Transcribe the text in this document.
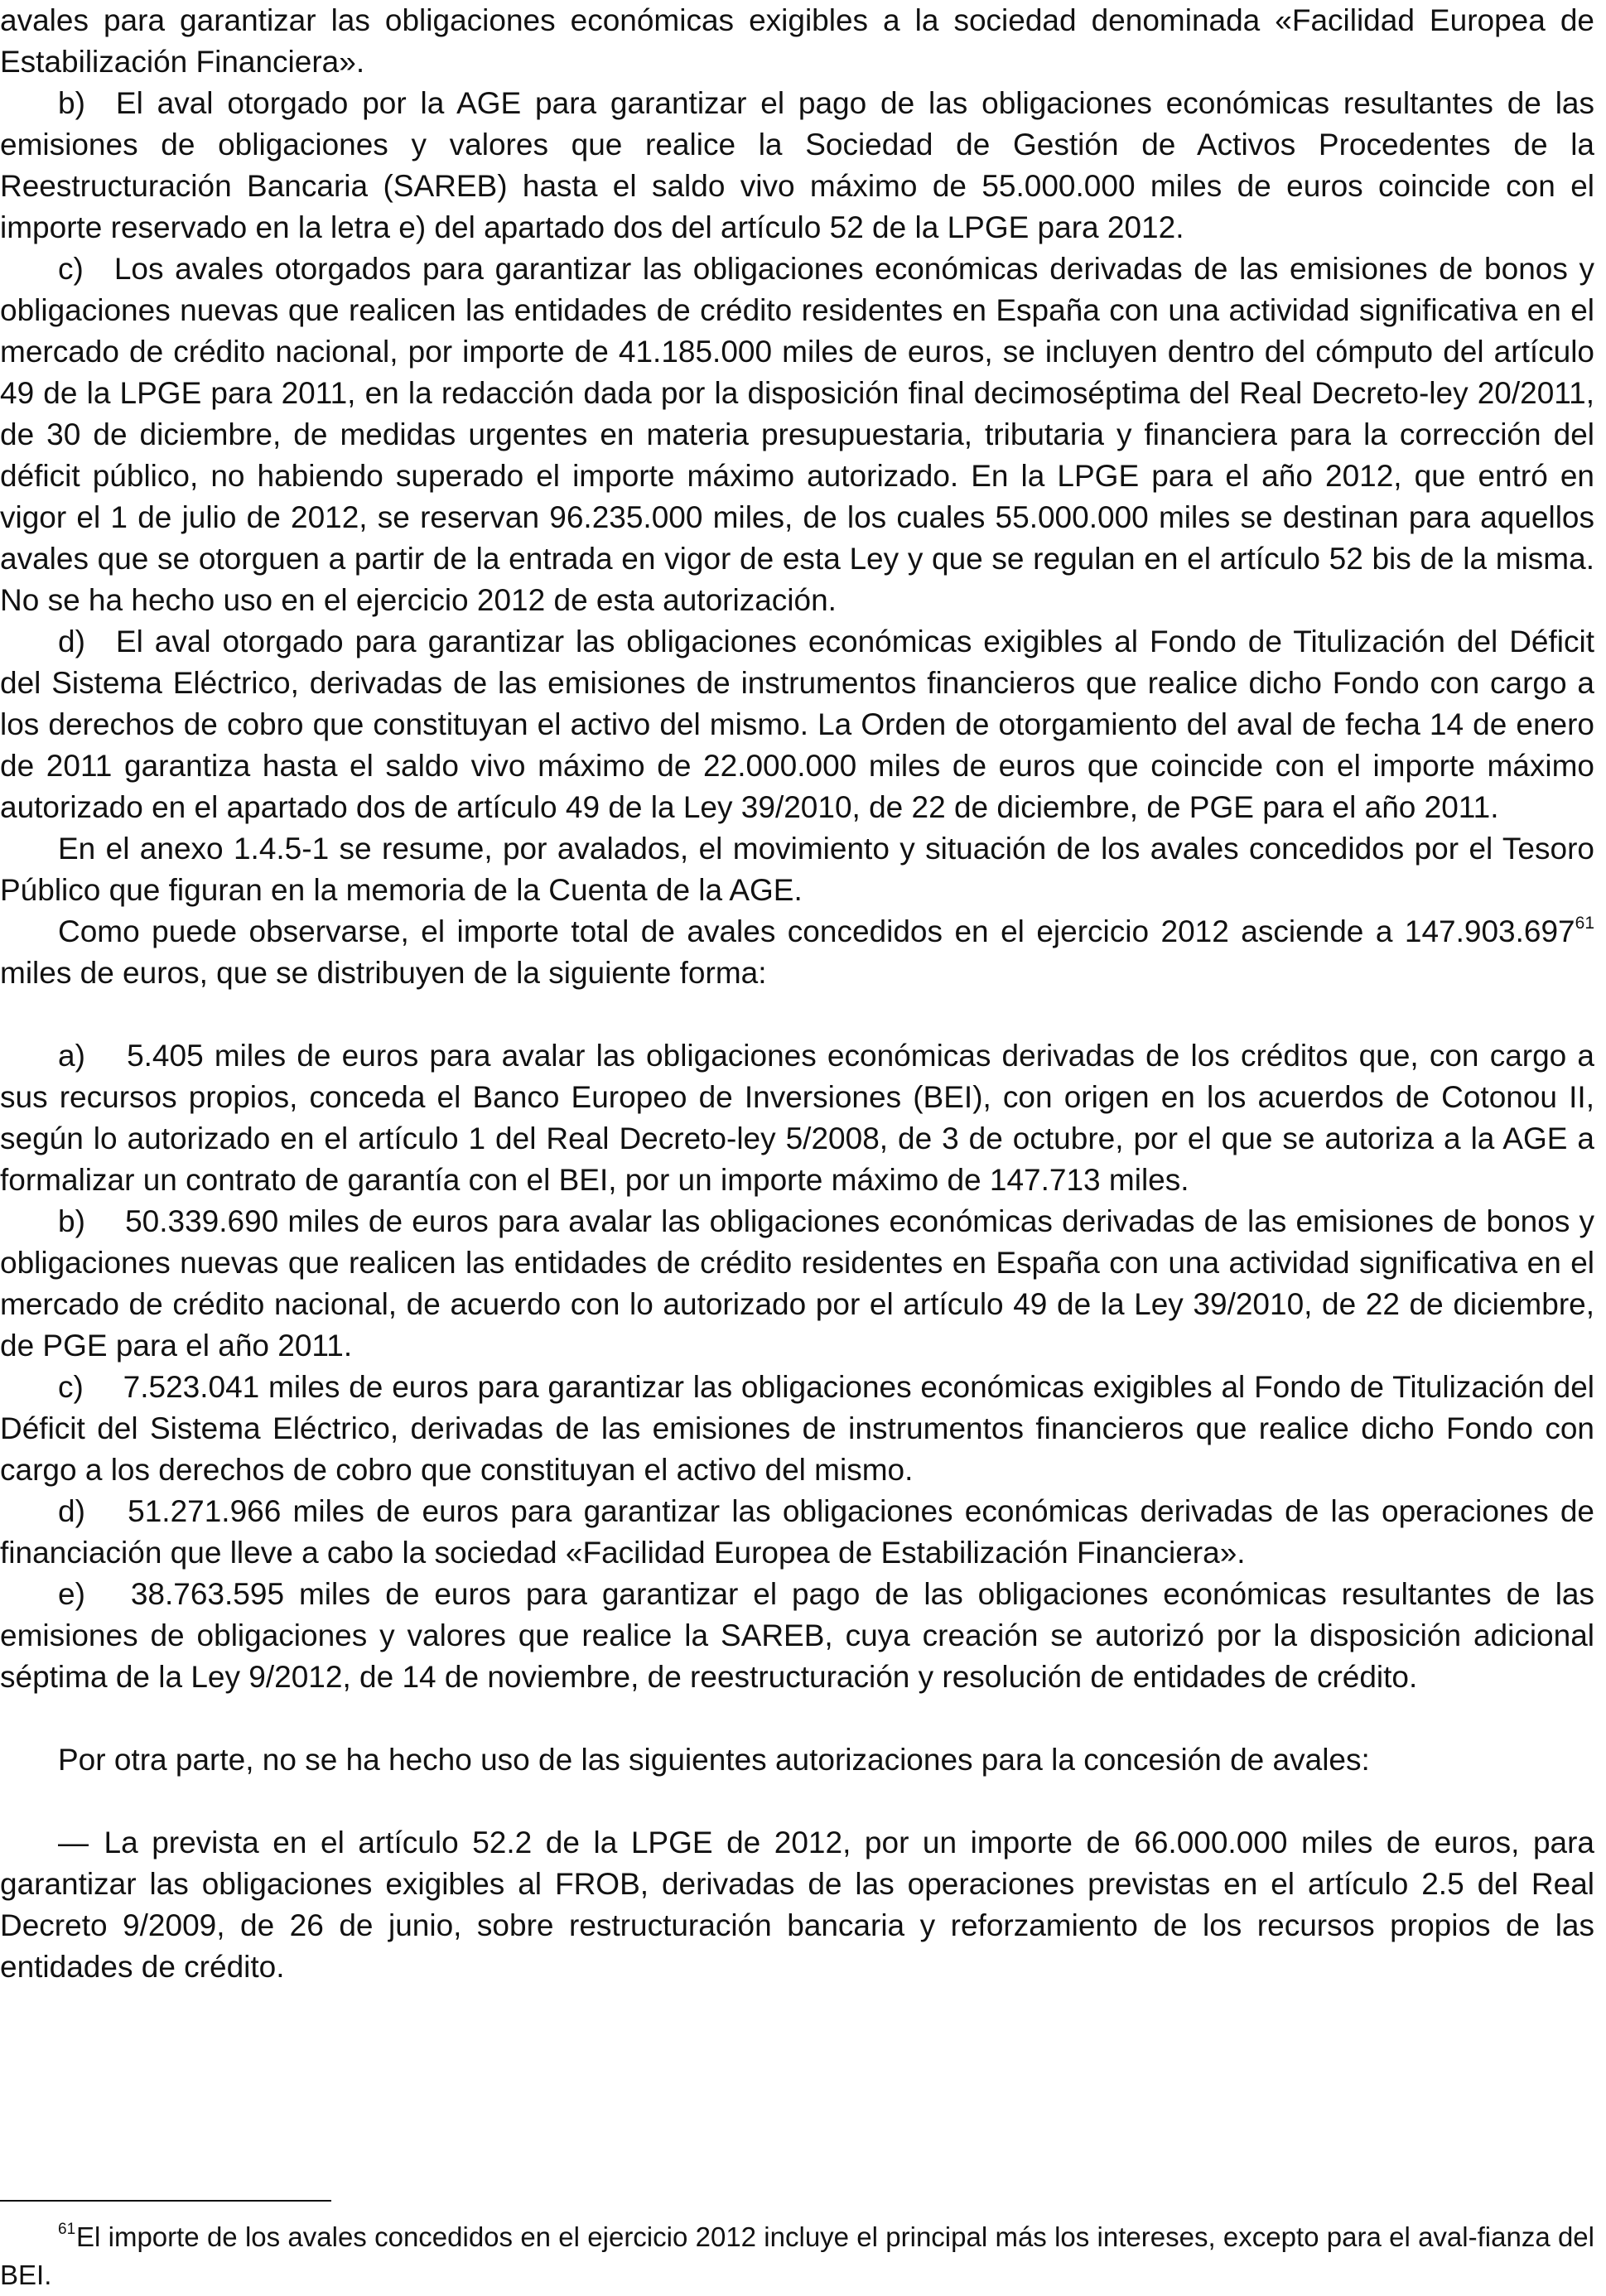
avales para garantizar las obligaciones económicas exigibles a la sociedad denominada «Facilidad Europea de Estabilización Financiera».

b) El aval otorgado por la AGE para garantizar el pago de las obligaciones económicas resultantes de las emisiones de obligaciones y valores que realice la Sociedad de Gestión de Activos Procedentes de la Reestructuración Bancaria (SAREB) hasta el saldo vivo máximo de 55.000.000 miles de euros coincide con el importe reservado en la letra e) del apartado dos del artículo 52 de la LPGE para 2012.

c) Los avales otorgados para garantizar las obligaciones económicas derivadas de las emisiones de bonos y obligaciones nuevas que realicen las entidades de crédito residentes en España con una actividad significativa en el mercado de crédito nacional, por importe de 41.185.000 miles de euros, se incluyen dentro del cómputo del artículo 49 de la LPGE para 2011, en la redacción dada por la disposición final decimoséptima del Real Decreto-ley 20/2011, de 30 de diciembre, de medidas urgentes en materia presupuestaria, tributaria y financiera para la corrección del déficit público, no habiendo superado el importe máximo autorizado. En la LPGE para el año 2012, que entró en vigor el 1 de julio de 2012, se reservan 96.235.000 miles, de los cuales 55.000.000 miles se destinan para aquellos avales que se otorguen a partir de la entrada en vigor de esta Ley y que se regulan en el artículo 52 bis de la misma. No se ha hecho uso en el ejercicio 2012 de esta autorización.

d) El aval otorgado para garantizar las obligaciones económicas exigibles al Fondo de Titulización del Déficit del Sistema Eléctrico, derivadas de las emisiones de instrumentos financieros que realice dicho Fondo con cargo a los derechos de cobro que constituyan el activo del mismo. La Orden de otorgamiento del aval de fecha 14 de enero de 2011 garantiza hasta el saldo vivo máximo de 22.000.000 miles de euros que coincide con el importe máximo autorizado en el apartado dos de artículo 49 de la Ley 39/2010, de 22 de diciembre, de PGE para el año 2011.

En el anexo 1.4.5-1 se resume, por avalados, el movimiento y situación de los avales concedidos por el Tesoro Público que figuran en la memoria de la Cuenta de la AGE.

Como puede observarse, el importe total de avales concedidos en el ejercicio 2012 asciende a 147.903.697$^{61}$ miles de euros, que se distribuyen de la siguiente forma:

a)  5.405 miles de euros para avalar las obligaciones económicas derivadas de los créditos que, con cargo a sus recursos propios, conceda el Banco Europeo de Inversiones (BEI), con origen en los acuerdos de Cotonou II, según lo autorizado en el artículo 1 del Real Decreto-ley 5/2008, de 3 de octubre, por el que se autoriza a la AGE a formalizar un contrato de garantía con el BEI, por un importe máximo de 147.713 miles.

b)  50.339.690 miles de euros para avalar las obligaciones económicas derivadas de las emisiones de bonos y obligaciones nuevas que realicen las entidades de crédito residentes en España con una actividad significativa en el mercado de crédito nacional, de acuerdo con lo autorizado por el artículo 49 de la Ley 39/2010, de 22 de diciembre, de PGE para el año 2011.

c)  7.523.041 miles de euros para garantizar las obligaciones económicas exigibles al Fondo de Titulización del Déficit del Sistema Eléctrico, derivadas de las emisiones de instrumentos financieros que realice dicho Fondo con cargo a los derechos de cobro que constituyan el activo del mismo.

d)  51.271.966 miles de euros para garantizar las obligaciones económicas derivadas de las operaciones de financiación que lleve a cabo la sociedad «Facilidad Europea de Estabilización Financiera».

e)  38.763.595 miles de euros para garantizar el pago de las obligaciones económicas resultantes de las emisiones de obligaciones y valores que realice la SAREB, cuya creación se autorizó por la disposición adicional séptima de la Ley 9/2012, de 14 de noviembre, de reestructuración y resolución de entidades de crédito.

Por otra parte, no se ha hecho uso de las siguientes autorizaciones para la concesión de avales:

— La prevista en el artículo 52.2 de la LPGE de 2012, por un importe de 66.000.000 miles de euros, para garantizar las obligaciones exigibles al FROB, derivadas de las operaciones previstas en el artículo 2.5 del Real Decreto 9/2009, de 26 de junio, sobre restructuración bancaria y reforzamiento de los recursos propios de las entidades de crédito.

$^{61}$El importe de los avales concedidos en el ejercicio 2012 incluye el principal más los intereses, excepto para el aval-fianza del BEI.
